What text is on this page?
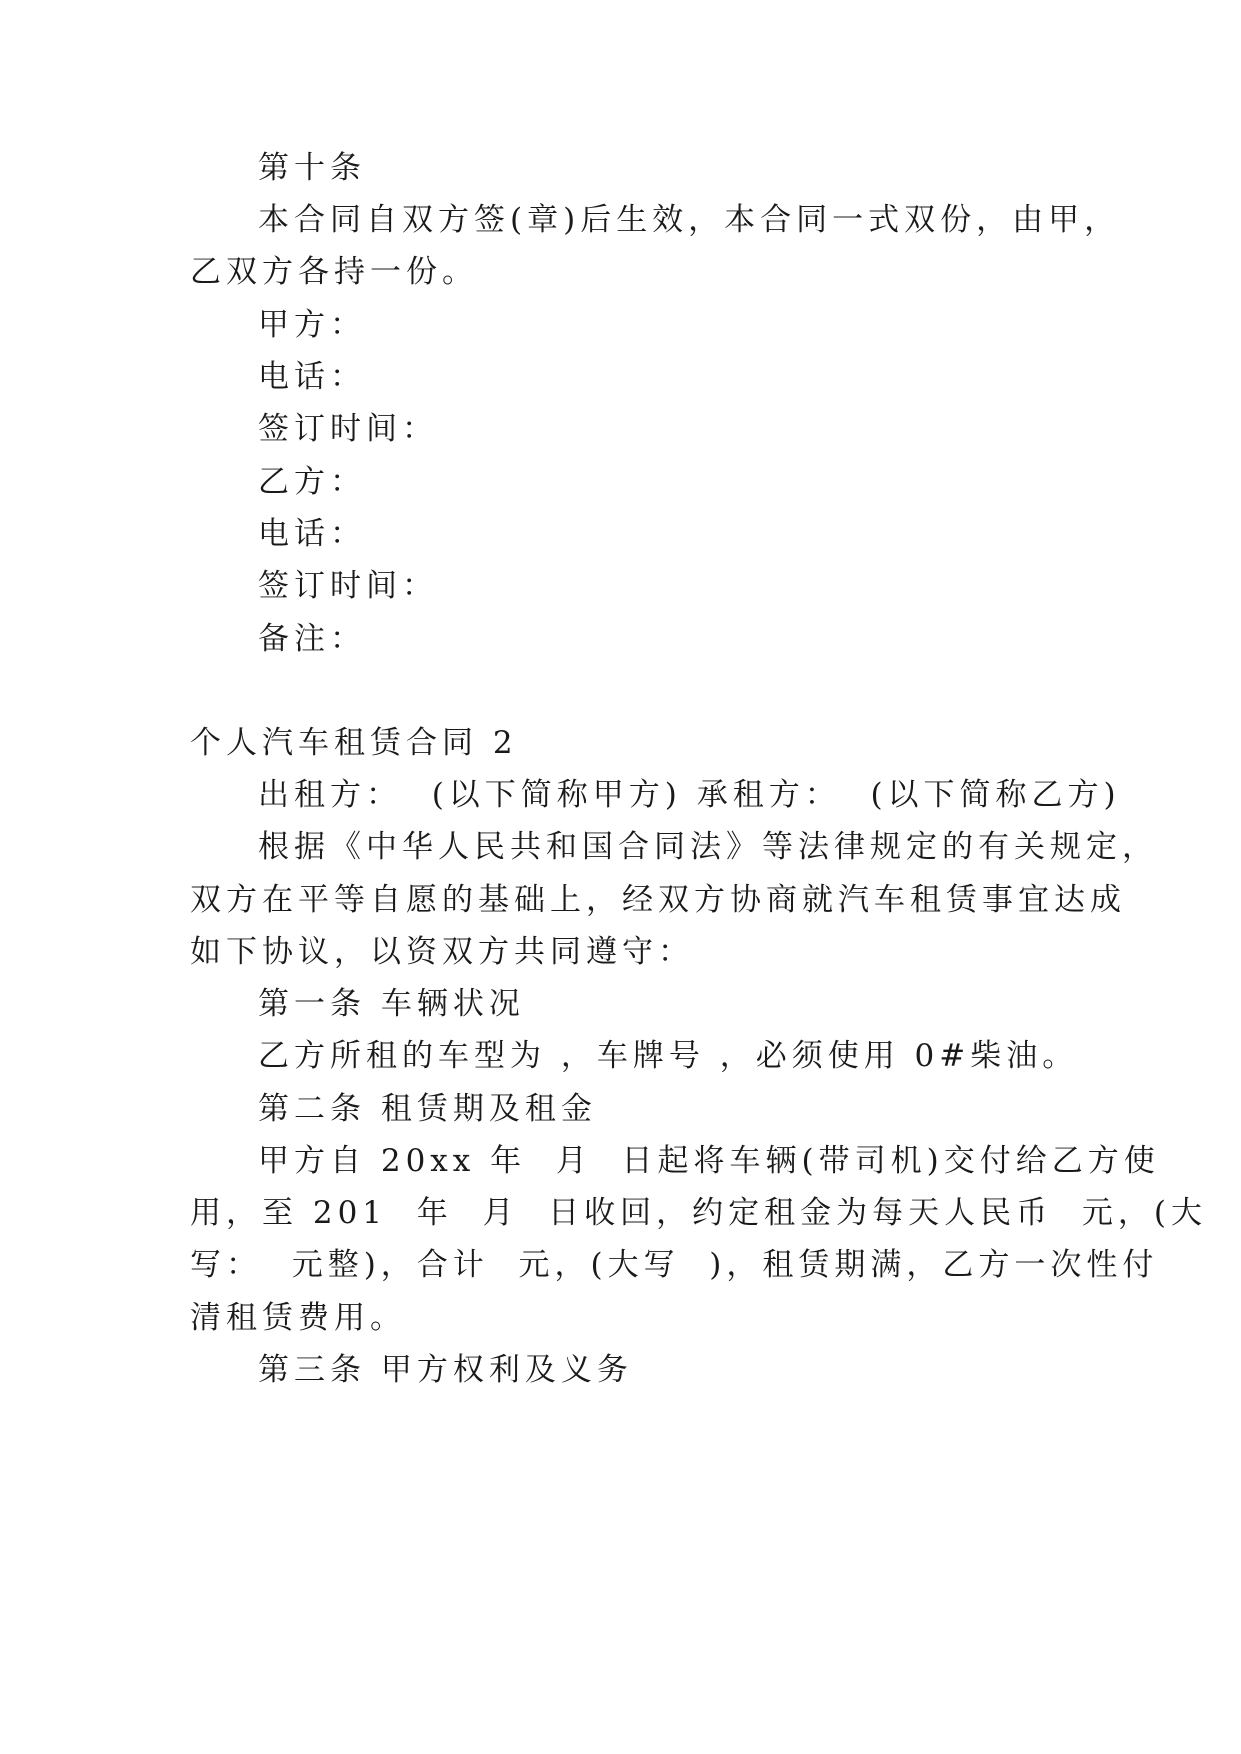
第十条
本合同自双方签(章)后生效，本合同一式双份，由甲，
乙双方各持一份。
甲方：
电话：
签订时间：
乙方：
电话：
签订时间：
备注：
个人汽车租赁合同 2
出租方：  (以下简称甲方) 承租方：  (以下简称乙方)
根据《中华人民共和国合同法》等法律规定的有关规定，
双方在平等自愿的基础上，经双方协商就汽车租赁事宜达成
如下协议，以资双方共同遵守：
第一条 车辆状况
乙方所租的车型为 ，车牌号 ，必须使用 0#柴油。
第二条 租赁期及租金
甲方自 20xx 年  月  日起将车辆(带司机)交付给乙方使
用，至 201  年  月  日收回，约定租金为每天人民币  元，(大
写：  元整)，合计  元，(大写  )，租赁期满，乙方一次性付
清租赁费用。
第三条 甲方权利及义务
